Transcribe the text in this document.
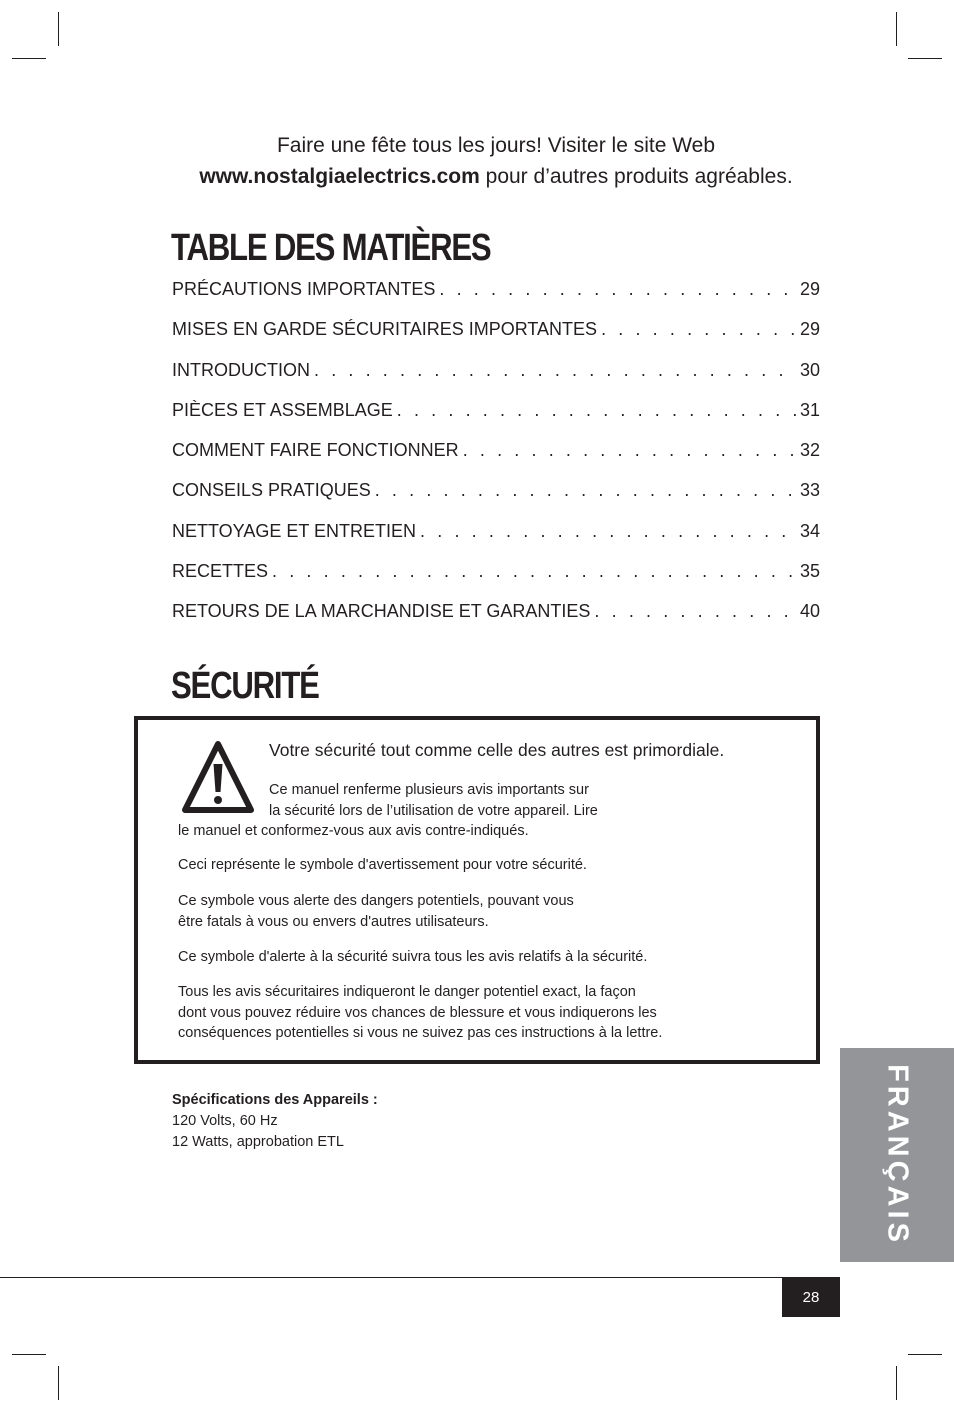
Faire une fête tous les jours! Visiter le site Web
www.nostalgiaelectrics.com pour d’autres produits agréables.
TABLE DES MATIÈRES
PRÉCAUTIONS IMPORTANTES . . .	29
MISES EN GARDE SÉCURITAIRES IMPORTANTES . . .	29
INTRODUCTION . . .	30
PIÈCES ET ASSEMBLAGE . . .	31
COMMENT FAIRE FONCTIONNER . . .	32
CONSEILS PRATIQUES . . .	33
NETTOYAGE ET ENTRETIEN . . .	34
RECETTES . . .	35
RETOURS DE LA MARCHANDISE ET GARANTIES . . .	40
SÉCURITÉ
Votre sécurité tout comme celle des autres est primordiale.
Ce manuel renferme plusieurs avis importants sur
la sécurité lors de l’utilisation de votre appareil. Lire
le manuel et conformez-vous aux avis contre-indiqués.
Ceci représente le symbole d'avertissement pour votre sécurité.
Ce symbole vous alerte des dangers potentiels, pouvant vous
être fatals à vous ou envers d'autres utilisateurs.
Ce symbole d'alerte à la sécurité suivra tous les avis relatifs à la sécurité.
Tous les avis sécuritaires indiqueront le danger potentiel exact, la façon
dont vous pouvez réduire vos chances de blessure et vous indiquerons les
conséquences potentielles si vous ne suivez pas ces instructions à la lettre.
Spécifications des Appareils :
120 Volts, 60 Hz
12 Watts, approbation ETL	FRANÇAIS
28
